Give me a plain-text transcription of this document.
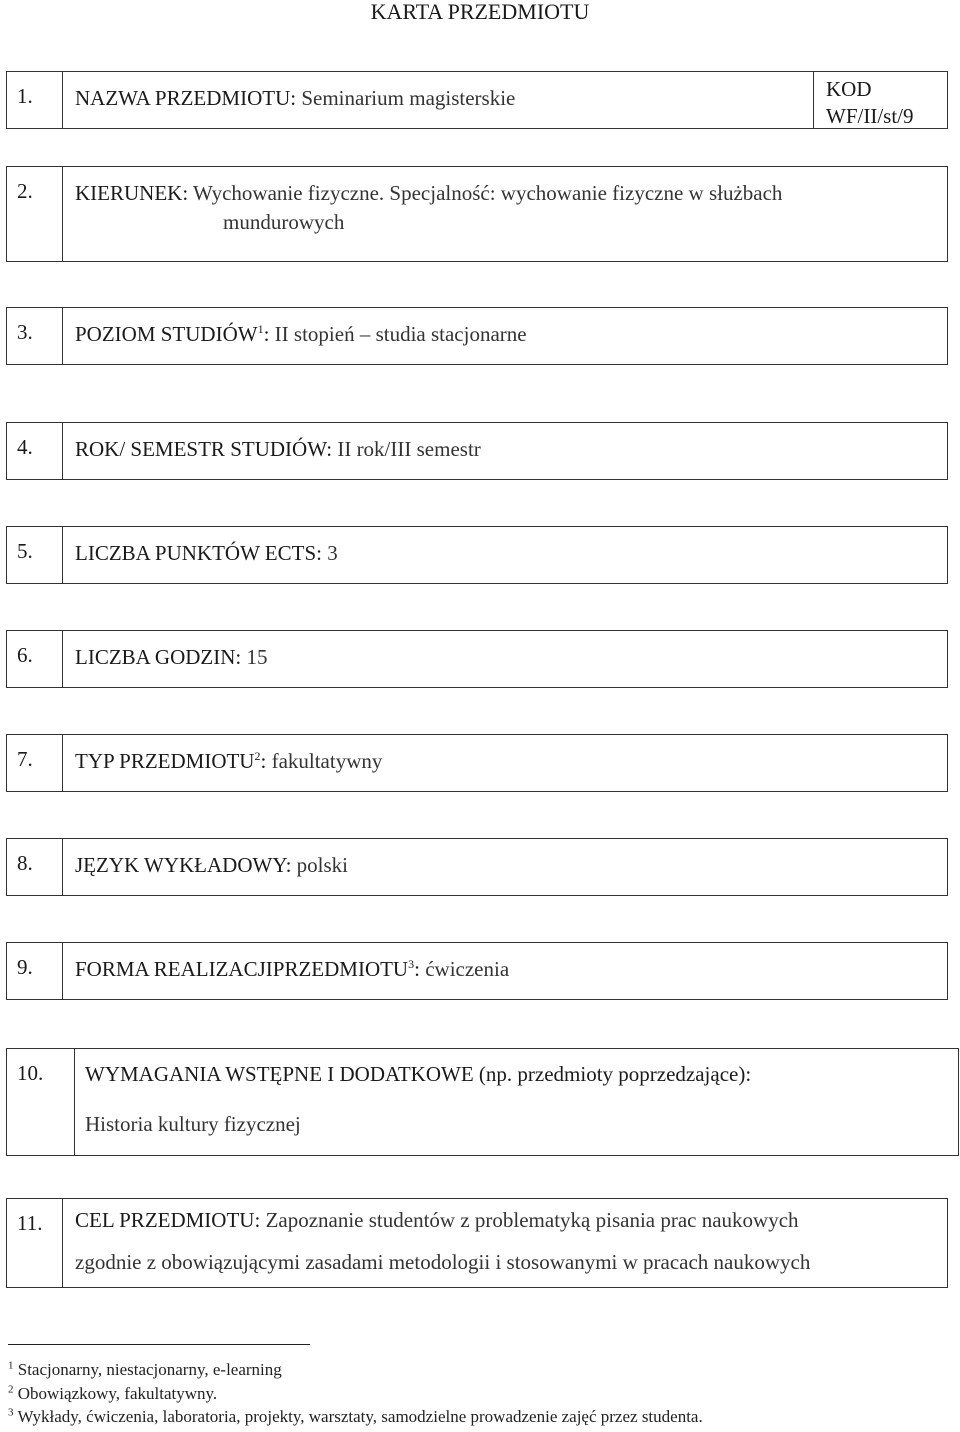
KARTA PRZEDMIOTU
1.	NAZWA PRZEDMIOTU: Seminarium magisterskie	KOD
WF/II/st/9
2.	KIERUNEK: Wychowanie fizyczne. Specjalność: wychowanie fizyczne w służbach
mundurowych
3.	POZIOM STUDIÓW$^1$: II stopień – studia stacjonarne
4.	ROK/ SEMESTR STUDIÓW: II rok/III semestr
5.	LICZBA PUNKTÓW ECTS: 3
6.	LICZBA GODZIN: 15
7.	TYP PRZEDMIOTU$^2$: fakultatywny
8.	JĘZYK WYKŁADOWY: polski
9.	FORMA REALIZACJIPRZEDMIOTU$^3$: ćwiczenia
10.	WYMAGANIA WSTĘPNE I DODATKOWE (np. przedmioty poprzedzające):
Historia kultury fizycznej
11.	CEL PRZEDMIOTU: Zapoznanie studentów z problematyką pisania prac naukowych
zgodnie z obowiązującymi zasadami metodologii i stosowanymi w pracach naukowych
$^1$ Stacjonarny, niestacjonarny, e-learning
$^2$ Obowiązkowy, fakultatywny.
$^3$ Wykłady, ćwiczenia, laboratoria, projekty, warsztaty, samodzielne prowadzenie zajęć przez studenta.
